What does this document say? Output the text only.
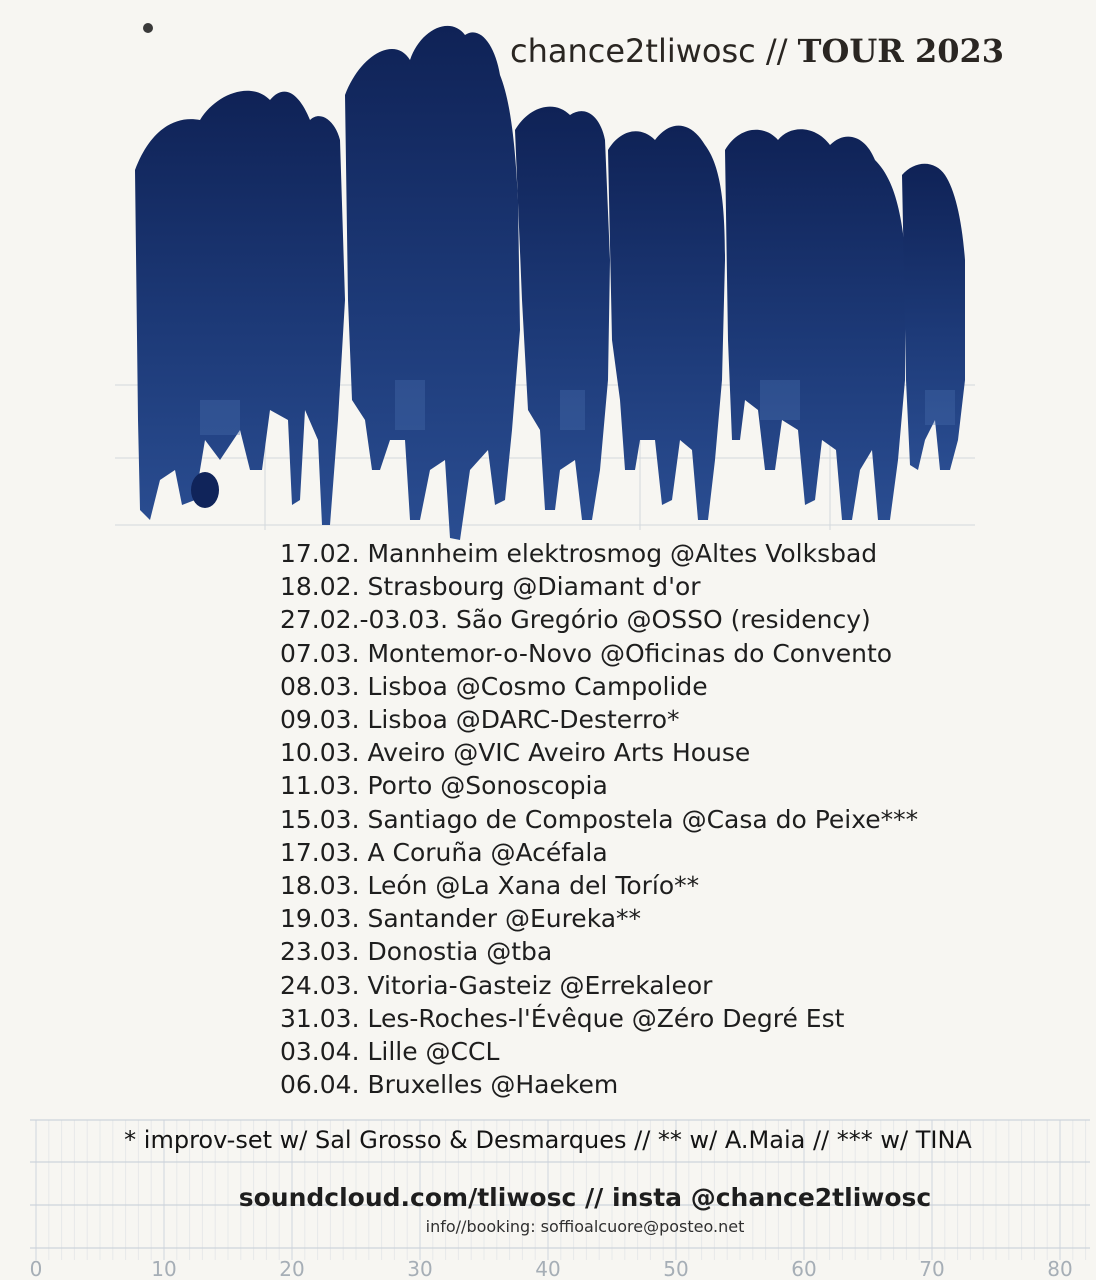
chance2tliwosc // TOUR 2023
17.02. Mannheim elektrosmog @Altes Volksbad
18.02. Strasbourg @Diamant d'or
27.02.-03.03. São Gregório @OSSO (residency)
07.03. Montemor-o-Novo @Oficinas do Convento
08.03. Lisboa @Cosmo Campolide
09.03. Lisboa @DARC-Desterro*
10.03. Aveiro @VIC Aveiro Arts House
11.03. Porto @Sonoscopia
15.03. Santiago de Compostela @Casa do Peixe***
17.03. A Coruña @Acéfala
18.03. León @La Xana del Torío**
19.03. Santander @Eureka**
23.03. Donostia @tba
24.03. Vitoria-Gasteiz @Errekaleor
31.03. Les-Roches-l'Évêque @Zéro Degré Est
03.04. Lille @CCL
06.04. Bruxelles @Haekem
0	10	20	30	40	50	60	70	80
* improv-set w/ Sal Grosso & Desmarques // ** w/ A.Maia // *** w/ TINA
soundcloud.com/tliwosc // insta @chance2tliwosc
info//booking: soffioalcuore@posteo.net
